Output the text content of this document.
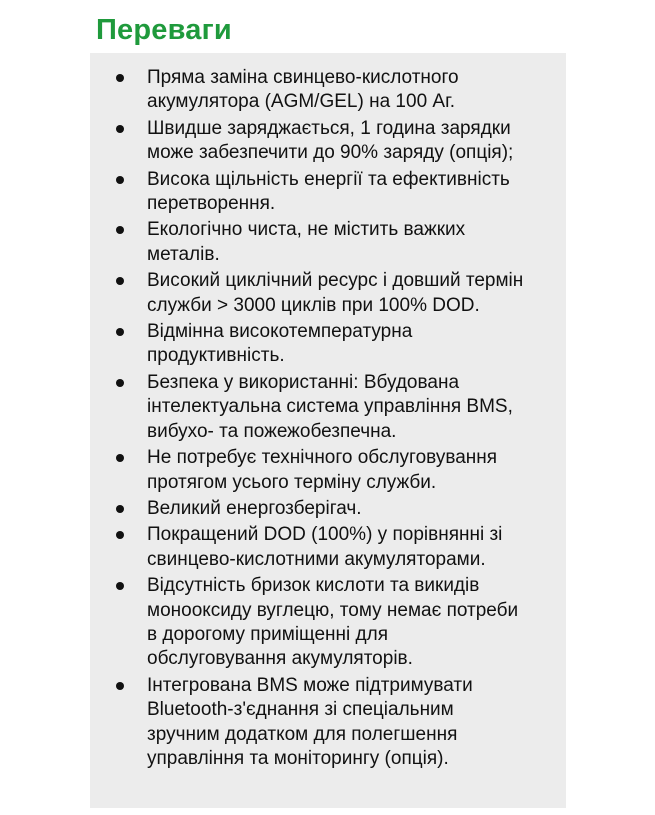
Переваги
Пряма заміна свинцево-кислотного
акумулятора (AGM/GEL) на 100 Аг.
Швидше заряджається, 1 година зарядки
може забезпечити до 90% заряду (опція);
Висока щільність енергії та ефективність
перетворення.
Екологічно чиста, не містить важких
металів.
Високий циклічний ресурс і довший термін
служби > 3000 циклів при 100% DOD.
Відмінна високотемпературна
продуктивність.
Безпека у використанні: Вбудована
інтелектуальна система управління BMS,
вибухо- та пожежобезпечна.
Не потребує технічного обслуговування
протягом усього терміну служби.
Великий енергозберігач.
Покращений DOD (100%) у порівнянні зі
свинцево-кислотними акумуляторами.
Відсутність бризок кислоти та викидів
монооксиду вуглецю, тому немає потреби
в дорогому приміщенні для
обслуговування акумуляторів.
Інтегрована BMS може підтримувати
Bluetooth-з'єднання зі спеціальним
зручним додатком для полегшення
управління та моніторингу (опція).
